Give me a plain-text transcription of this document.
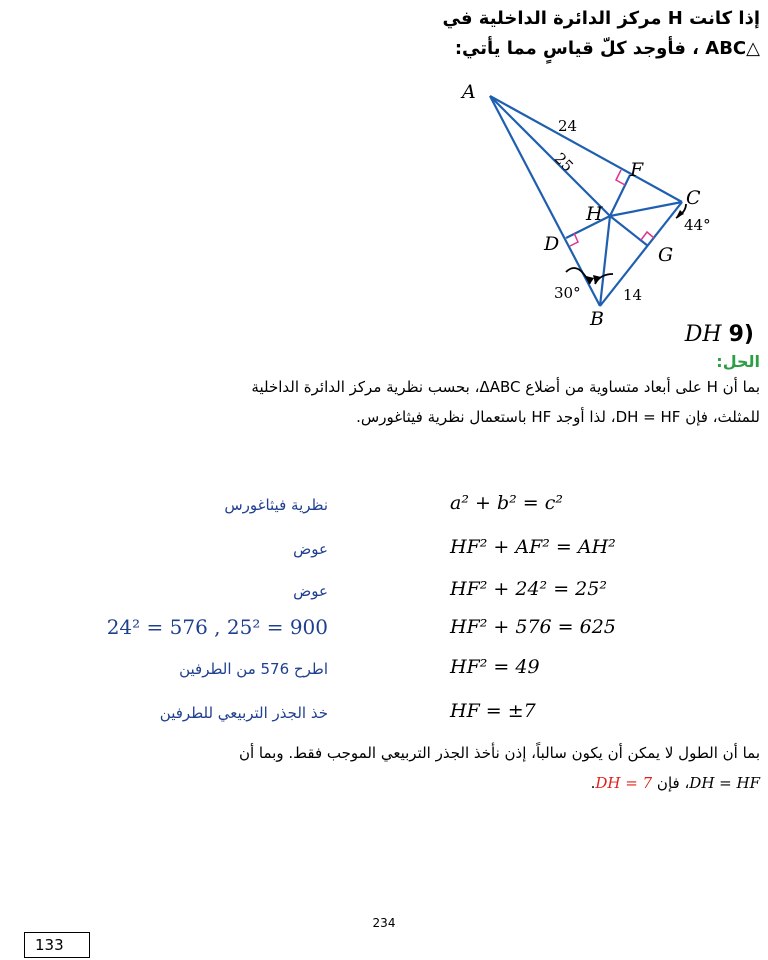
إذا كانت H مركز الدائرة الداخلية في
△ABC ، فأوجد كلّ قياسٍ مما يأتي:
A
B
C
D
F
G
H
24
25
44°
30°	14
DH 9)
الحل:
بما أن H على أبعاد متساوية من أضلاع ΔABC، بحسب نظرية مركز الدائرة الداخلية
للمثلث، فإن DH = HF، لذا أوجد HF باستعمال نظرية فيثاغورس.
a² + b² = c²
نظرية فيثاغورس
HF² + AF² = AH²
عوض
HF² + 24² = 25²
عوض
HF² + 576 = 625
24² = 576 , 25² = 900
HF² = 49
اطرح 576 من الطرفين
HF = ±7
خذ الجذر التربيعي للطرفين
بما أن الطول لا يمكن أن يكون سالباً، إذن نأخذ الجذر التربيعي الموجب فقط. وبما أن
DH = HF، فإن DH = 7.
234
133
